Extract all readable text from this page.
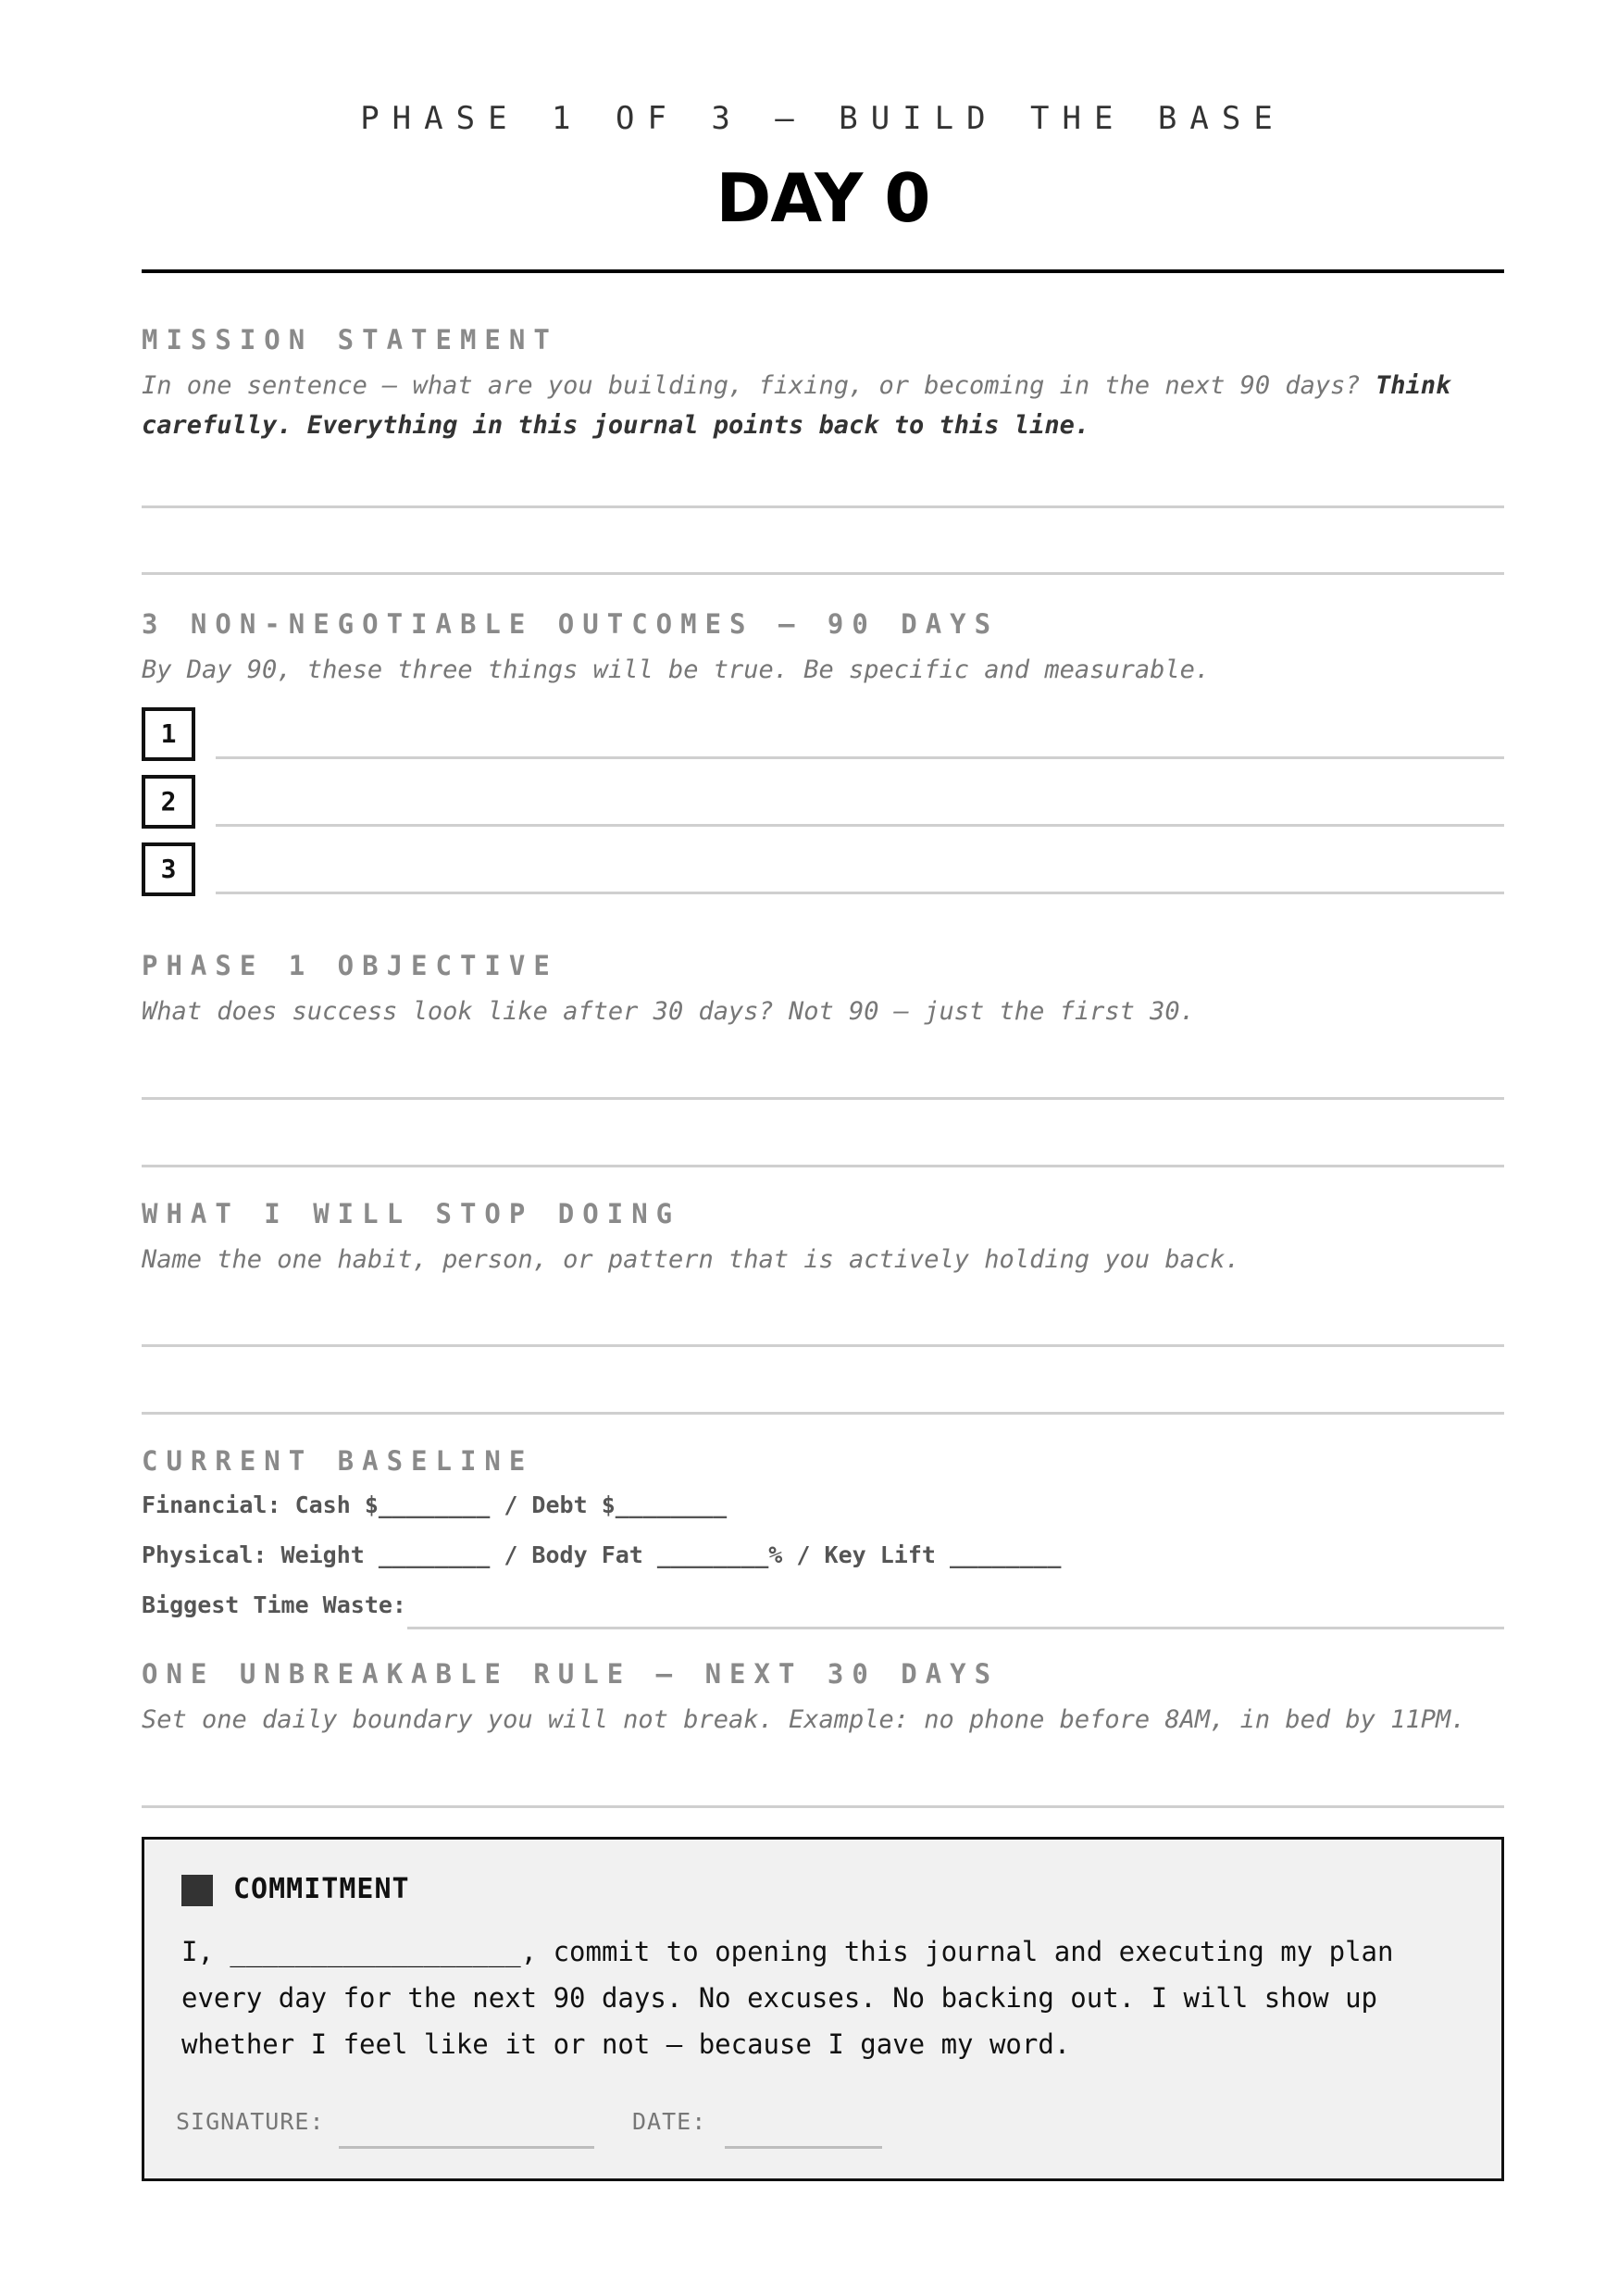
PHASE 1 OF 3 — BUILD THE BASE
DAY 0
MISSION STATEMENT
In one sentence — what are you building, fixing, or becoming in the next 90 days? Think carefully. Everything in this journal points back to this line.
3 NON-NEGOTIABLE OUTCOMES — 90 DAYS
By Day 90, these three things will be true. Be specific and measurable.
1
2
3
PHASE 1 OBJECTIVE
What does success look like after 30 days? Not 90 — just the first 30.
WHAT I WILL STOP DOING
Name the one habit, person, or pattern that is actively holding you back.
CURRENT BASELINE
Financial: Cash $________ / Debt $________
Physical: Weight ________ / Body Fat ________% / Key Lift ________
Biggest Time Waste:
ONE UNBREAKABLE RULE — NEXT 30 DAYS
Set one daily boundary you will not break. Example: no phone before 8AM, in bed by 11PM.
COMMITMENT
I, __________________, commit to opening this journal and executing my plan every day for the next 90 days. No excuses. No backing out. I will show up whether I feel like it or not — because I gave my word.
SIGNATURE:	DATE:
